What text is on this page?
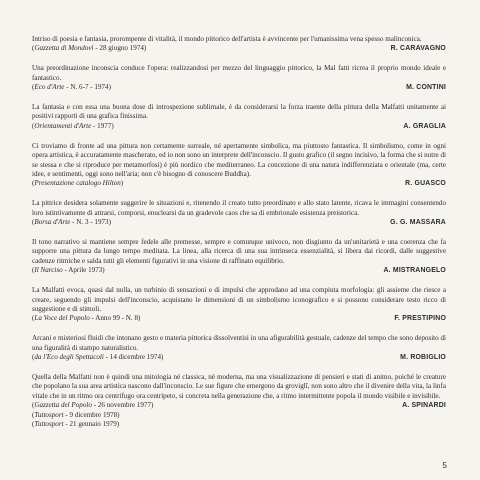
Intriso di poesia e fantasia, prorompente di vitalità, il mondo pittorico dell'artista è avvincente per l'umanissima vena spesso malinconica.

(Gazzetta di Mondovì - 28 giugno 1974)	R. CARAVAGNO

Una preordinazione inconscia conduce l'opera: realizzandosi per mezzo del linguaggio pittorico, la Mal fatti ricrea il proprio mondo ideale e fantastico.

(Eco d'Arte - N. 6-7 - 1974)	M. CONTINI

La fantasia e con essa una buona dose di introspezione sublimale, è da considerarsi la forza traente della pittura della Malfatti unitamente ai positivi rapporti di una grafica finissima.

(Orientamenti d'Arte - 1977)	A. GRAGLIA

Ci troviamo di fronte ad una pittura non certamente surreale, né apertamente simbolica, ma piuttosto fantastica. Il simbolismo, come in ogni opera artistica, è accuratamente mascherato, ed io non sono un interprete dell'inconscio. Il gusto grafico (il segno incisivo, la forma che si nutre di se stessa e che si riproduce per metamorfosi) è più nordico che mediterraneo. La concezione di una natura indifferenziata e orientale (ma, certe idee, e sentimenti, oggi sono nell'aria; non c'è bisogno di conoscere Buddha).

(Presentazione catalogo Hilton)	R. GUASCO

La pittrice desidera solamente suggerire le situazioni e, ritenendo il creato tutto preordinato e allo stato latente, ricava le immagini consentendo loro istintivamente di attrarsi, comporsi, enuclearsi da un gradevole caos che sa di embrionale esistenza preistorica.

(Borsa d'Arte - N. 3 - 1973)	G. G. MASSARA

Il tono narrativo si mantiene sempre fedele alle premesse, sempre e comunque univoco, non disgiunto da un'unitarietà e una coerenza che fa supporre una pittura da lungo tempo meditata. La linea, alla ricerca di una sua intrinseca essenzialità, si libera dai ricordi, dalle suggestive cadenze ritmiche e salda tutti gli elementi figurativi in una visione di raffinato equilibrio.

(Il Narciso - Aprile 1973)	A. MISTRANGELO

La Malfatti evoca, quasi dal nulla, un turbinio di sensazioni e di impulsi che approdano ad una compiuta morfologia: gli assieme che riesce a creare, seguendo gli impulsi dell'inconscio, acquistano le dimensioni di un simbolismo iconografico e si possono considerare testo ricco di suggestione e di stimoli.

(La Voce del Popolo - Anno 99 - N. 8)	F. PRESTIPINO

Arcani e misteriosi fluidi che intonano gesto e materia pittorica dissolventisi in una afigurabilità gestuale, cadenze del tempo che sono deposito di una figuralità di stampo naturalistico.

(da l'Eco degli Spettacoli - 14 dicembre 1974)	M. ROBIGLIO

Quella della Malfatti non è quindi una mitologia né classica, né moderna, ma una visualizzazione di pensieri e stati di animo, poiché le creature che popolano la sua area artistica nascono dall'inconscio. Le sue figure che emergono da groviglî, non sono altro che il divenire della vita, la linfa vitale che in un ritmo ora centrifugo ora centripeto, si concreta nella generazione che, a ritmo intermittente popola il mondo visibile e invisibile.

(Gazzetta del Popolo - 26 novembre 1977)
(Tuttosport - 9 dicembre 1978)
(Tuttosport - 21 gennaio 1979)
A. SPINARDI
5
